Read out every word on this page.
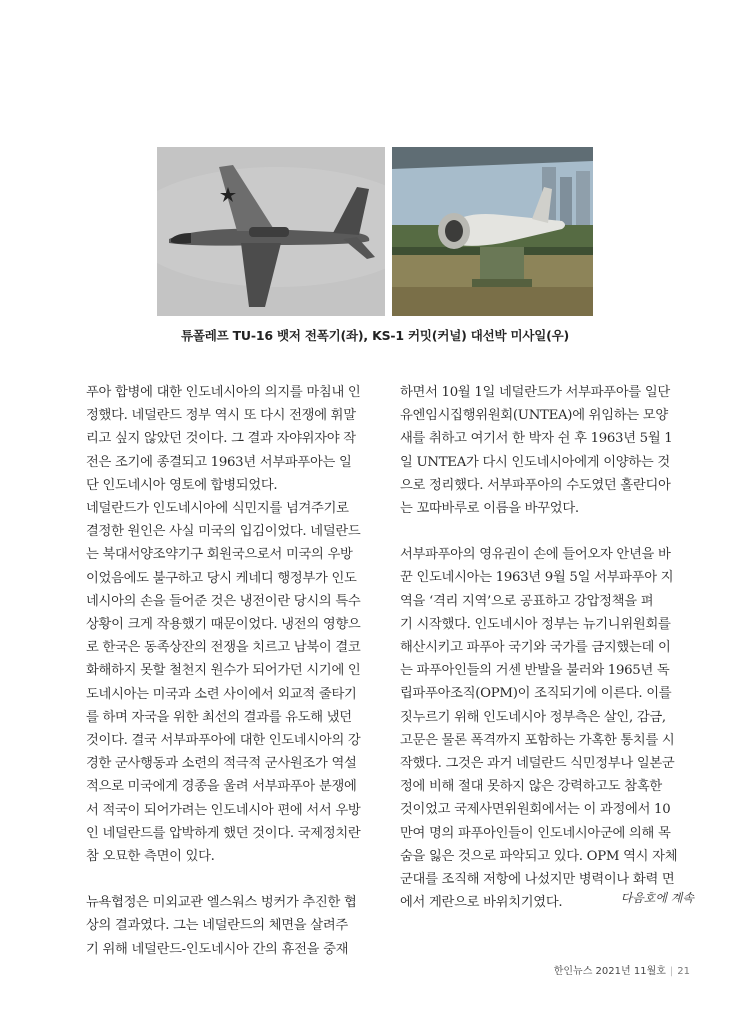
튜폴레프 TU-16 뱃저 전폭기(좌), KS-1 커밋(커널) 대선박 미사일(우)

푸아 합병에 대한 인도네시아의 의지를 마침내 인
정했다. 네덜란드 정부 역시 또 다시 전쟁에 휘말
리고 싶지 않았던 것이다. 그 결과 자야위자야 작
전은 조기에 종결되고 1963년 서부파푸아는 일
단 인도네시아 영토에 합병되었다.

네덜란드가 인도네시아에 식민지를 넘겨주기로
결정한 원인은 사실 미국의 입김이었다. 네덜란드
는 북대서양조약기구 회원국으로서 미국의 우방
이었음에도 불구하고 당시 케네디 행정부가 인도
네시아의 손을 들어준 것은 냉전이란 당시의 특수
상황이 크게 작용했기 때문이었다. 냉전의 영향으
로 한국은 동족상잔의 전쟁을 치르고 남북이 결코
화해하지 못할 철천지 원수가 되어가던 시기에 인
도네시아는 미국과 소련 사이에서 외교적 줄타기
를 하며 자국을 위한 최선의 결과를 유도해 냈던
것이다. 결국 서부파푸아에 대한 인도네시아의 강
경한 군사행동과 소련의 적극적 군사원조가 역설
적으로 미국에게 경종을 울려 서부파푸아 분쟁에
서 적국이 되어가려는 인도네시아 편에 서서 우방
인 네덜란드를 압박하게 했던 것이다. 국제정치란
참 오묘한 측면이 있다.

뉴욕협정은 미외교관 엘스워스 벙커가 추진한 협
상의 결과였다. 그는 네덜란드의 체면을 살려주
기 위해 네덜란드-인도네시아 간의 휴전을 중재

하면서 10월 1일 네덜란드가 서부파푸아를 일단
유엔임시집행위원회(UNTEA)에 위임하는 모양
새를 취하고 여기서 한 박자 쉰 후 1963년 5월 1
일 UNTEA가 다시 인도네시아에게 이양하는 것
으로 정리했다. 서부파푸아의 수도였던 홀란디아
는 꼬따바루로 이름을 바꾸었다.

서부파푸아의 영유권이 손에 들어오자 안년을 바
꾼 인도네시아는 1963년 9월 5일 서부파푸아 지
역을 ‘격리 지역’으로 공표하고 강압정책을 펴
기 시작했다. 인도네시아 정부는 뉴기니위원회를
해산시키고 파푸아 국기와 국가를 금지했는데 이
는 파푸아인들의 거센 반발을 불러와 1965년 독
립파푸아조직(OPM)이 조직되기에 이른다. 이를
짓누르기 위해 인도네시아 정부측은 살인, 감금,
고문은 물론 폭격까지 포함하는 가혹한 통치를 시
작했다. 그것은 과거 네덜란드 식민정부나 일본군
정에 비해 절대 못하지 않은 강력하고도 참혹한
것이었고 국제사면위원회에서는 이 과정에서 10
만여 명의 파푸아인들이 인도네시아군에 의해 목
숨을 잃은 것으로 파악되고 있다. OPM 역시 자체
군대를 조직해 저항에 나섰지만 병력이나 화력 면
에서 게란으로 바위치기였다.	다음호에 계속
한인뉴스 2021년 11월호 | 21
